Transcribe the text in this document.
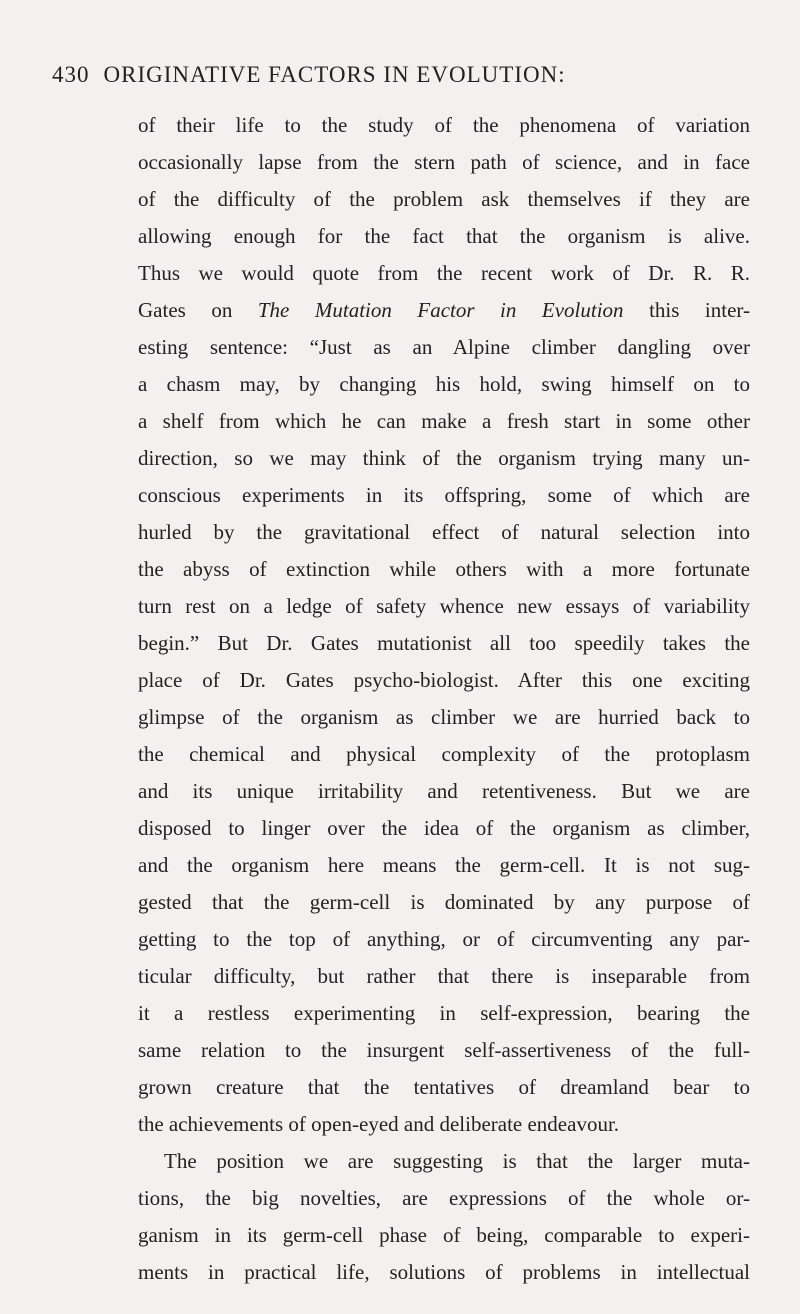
430 ORIGINATIVE FACTORS IN EVOLUTION:
of their life to the study of the phenomena of variation
occasionally lapse from the stern path of science, and in face
of the difficulty of the problem ask themselves if they are
allowing enough for the fact that the organism is alive.
Thus we would quote from the recent work of Dr. R. R.
Gates on The Mutation Factor in Evolution this inter-
esting sentence: “Just as an Alpine climber dangling over
a chasm may, by changing his hold, swing himself on to
a shelf from which he can make a fresh start in some other
direction, so we may think of the organism trying many un-
conscious experiments in its offspring, some of which are
hurled by the gravitational effect of natural selection into
the abyss of extinction while others with a more fortunate
turn rest on a ledge of safety whence new essays of variability
begin.” But Dr. Gates mutationist all too speedily takes the
place of Dr. Gates psycho-biologist. After this one exciting
glimpse of the organism as climber we are hurried back to
the chemical and physical complexity of the protoplasm
and its unique irritability and retentiveness. But we are
disposed to linger over the idea of the organism as climber,
and the organism here means the germ-cell. It is not sug-
gested that the germ-cell is dominated by any purpose of
getting to the top of anything, or of circumventing any par-
ticular difficulty, but rather that there is inseparable from
it a restless experimenting in self-expression, bearing the
same relation to the insurgent self-assertiveness of the full-
grown creature that the tentatives of dreamland bear to
the achievements of open-eyed and deliberate endeavour.
The position we are suggesting is that the larger muta-
tions, the big novelties, are expressions of the whole or-
ganism in its germ-cell phase of being, comparable to experi-
ments in practical life, solutions of problems in intellectual
